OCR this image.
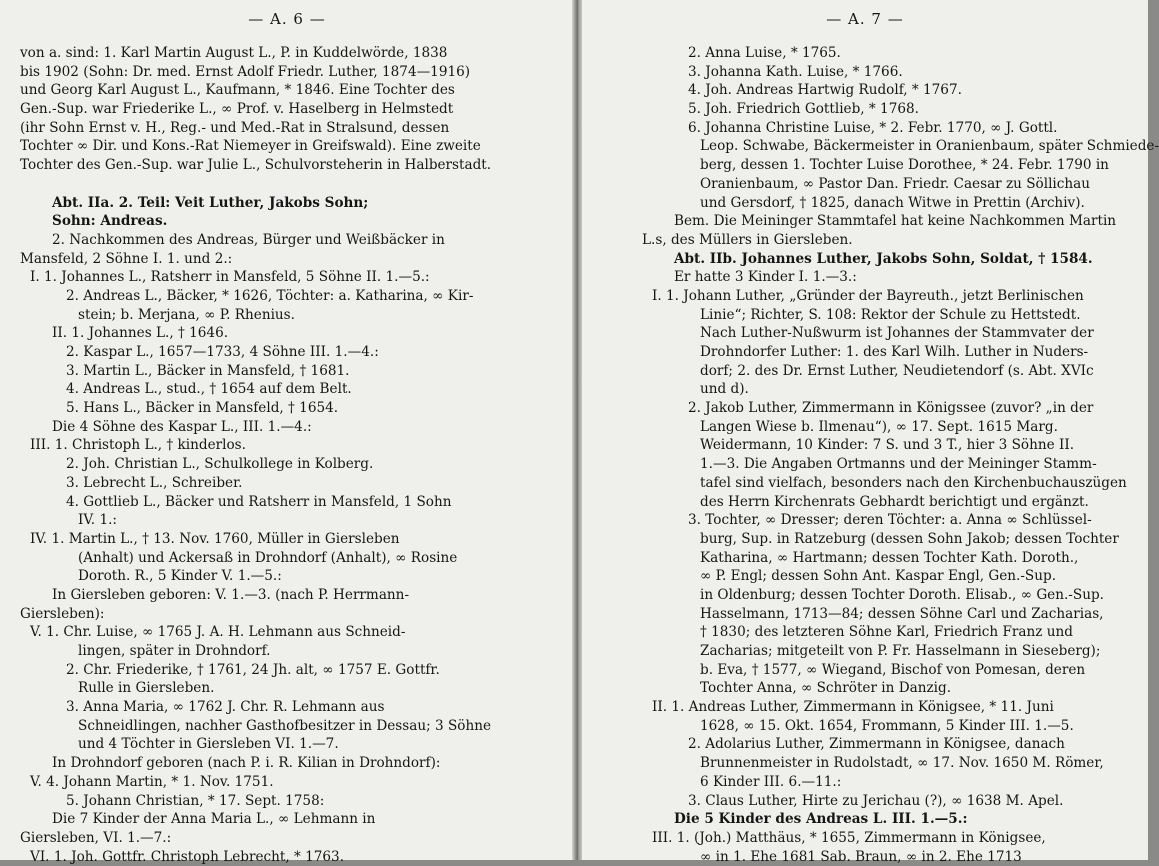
— A. 6 —
von a. sind: 1. Karl Martin August L., P. in Kuddelwörde, 1838
bis 1902 (Sohn: Dr. med. Ernst Adolf Friedr. Luther, 1874—1916)
und Georg Karl August L., Kaufmann, * 1846. Eine Tochter des
Gen.-Sup. war Friederike L., ∞ Prof. v. Haselberg in Helmstedt
(ihr Sohn Ernst v. H., Reg.- und Med.-Rat in Stralsund, dessen
Tochter ∞ Dir. und Kons.-Rat Niemeyer in Greifswald). Eine zweite
Tochter des Gen.-Sup. war Julie L., Schulvorsteherin in Halberstadt.
Abt. IIa. 2. Teil: Veit Luther, Jakobs Sohn;
Sohn: Andreas.
2. Nachkommen des Andreas, Bürger und Weißbäcker in
Mansfeld, 2 Söhne I. 1. und 2.:
I. 1. Johannes L., Ratsherr in Mansfeld, 5 Söhne II. 1.—5.:
2. Andreas L., Bäcker, * 1626, Töchter: a. Katharina, ∞ Kir-
stein; b. Merjana, ∞ P. Rhenius.
II. 1. Johannes L., † 1646.
2. Kaspar L., 1657—1733, 4 Söhne III. 1.—4.:
3. Martin L., Bäcker in Mansfeld, † 1681.
4. Andreas L., stud., † 1654 auf dem Belt.
5. Hans L., Bäcker in Mansfeld, † 1654.
Die 4 Söhne des Kaspar L., III. 1.—4.:
III. 1. Christoph L., † kinderlos.
2. Joh. Christian L., Schulkollege in Kolberg.
3. Lebrecht L., Schreiber.
4. Gottlieb L., Bäcker und Ratsherr in Mansfeld, 1 Sohn
IV. 1.:
IV. 1. Martin L., † 13. Nov. 1760, Müller in Giersleben
(Anhalt) und Ackersaß in Drohndorf (Anhalt), ∞ Rosine
Doroth. R., 5 Kinder V. 1.—5.:
In Giersleben geboren: V. 1.—3. (nach P. Herrmann-
Giersleben):
V. 1. Chr. Luise, ∞ 1765 J. A. H. Lehmann aus Schneid-
lingen, später in Drohndorf.
2. Chr. Friederike, † 1761, 24 Jh. alt, ∞ 1757 E. Gottfr.
Rulle in Giersleben.
3. Anna Maria, ∞ 1762 J. Chr. R. Lehmann aus
Schneidlingen, nachher Gasthofbesitzer in Dessau; 3 Söhne
und 4 Töchter in Giersleben VI. 1.—7.
In Drohndorf geboren (nach P. i. R. Kilian in Drohndorf):
V. 4. Johann Martin, * 1. Nov. 1751.
5. Johann Christian, * 17. Sept. 1758:
Die 7 Kinder der Anna Maria L., ∞ Lehmann in
Giersleben, VI. 1.—7.:
VI. 1. Joh. Gottfr. Christoph Lebrecht, * 1763.
— A. 7 —
2. Anna Luise, * 1765.
3. Johanna Kath. Luise, * 1766.
4. Joh. Andreas Hartwig Rudolf, * 1767.
5. Joh. Friedrich Gottlieb, * 1768.
6. Johanna Christine Luise, * 2. Febr. 1770, ∞ J. Gottl.
Leop. Schwabe, Bäckermeister in Oranienbaum, später Schmiede-
berg, dessen 1. Tochter Luise Dorothee, * 24. Febr. 1790 in
Oranienbaum, ∞ Pastor Dan. Friedr. Caesar zu Söllichau
und Gersdorf, † 1825, danach Witwe in Prettin (Archiv).
Bem. Die Meininger Stammtafel hat keine Nachkommen Martin
L.s, des Müllers in Giersleben.
Abt. IIb. Johannes Luther, Jakobs Sohn, Soldat, † 1584.
Er hatte 3 Kinder I. 1.—3.:
I. 1. Johann Luther, „Gründer der Bayreuth., jetzt Berlinischen
Linie“; Richter, S. 108: Rektor der Schule zu Hettstedt.
Nach Luther-Nußwurm ist Johannes der Stammvater der
Drohndorfer Luther: 1. des Karl Wilh. Luther in Nuders-
dorf; 2. des Dr. Ernst Luther, Neudietendorf (s. Abt. XVIc
und d).
2. Jakob Luther, Zimmermann in Königssee (zuvor? „in der
Langen Wiese b. Ilmenau“), ∞ 17. Sept. 1615 Marg.
Weidermann, 10 Kinder: 7 S. und 3 T., hier 3 Söhne II.
1.—3. Die Angaben Ortmanns und der Meininger Stamm-
tafel sind vielfach, besonders nach den Kirchenbuchauszügen
des Herrn Kirchenrats Gebhardt berichtigt und ergänzt.
3. Tochter, ∞ Dresser; deren Töchter: a. Anna ∞ Schlüssel-
burg, Sup. in Ratzeburg (dessen Sohn Jakob; dessen Tochter
Katharina, ∞ Hartmann; dessen Tochter Kath. Doroth.,
∞ P. Engl; dessen Sohn Ant. Kaspar Engl, Gen.-Sup.
in Oldenburg; dessen Tochter Doroth. Elisab., ∞ Gen.-Sup.
Hasselmann, 1713—84; dessen Söhne Carl und Zacharias,
† 1830; des letzteren Söhne Karl, Friedrich Franz und
Zacharias; mitgeteilt von P. Fr. Hasselmann in Sieseberg);
b. Eva, † 1577, ∞ Wiegand, Bischof von Pomesan, deren
Tochter Anna, ∞ Schröter in Danzig.
II. 1. Andreas Luther, Zimmermann in Königsee, * 11. Juni
1628, ∞ 15. Okt. 1654, Frommann, 5 Kinder III. 1.—5.
2. Adolarius Luther, Zimmermann in Königsee, danach
Brunnenmeister in Rudolstadt, ∞ 17. Nov. 1650 M. Römer,
6 Kinder III. 6.—11.:
3. Claus Luther, Hirte zu Jerichau (?), ∞ 1638 M. Apel.
Die 5 Kinder des Andreas L. III. 1.—5.:
III. 1. (Joh.) Matthäus, * 1655, Zimmermann in Königsee,
∞ in 1. Ehe 1681 Sab. Braun, ∞ in 2. Ehe 1713
